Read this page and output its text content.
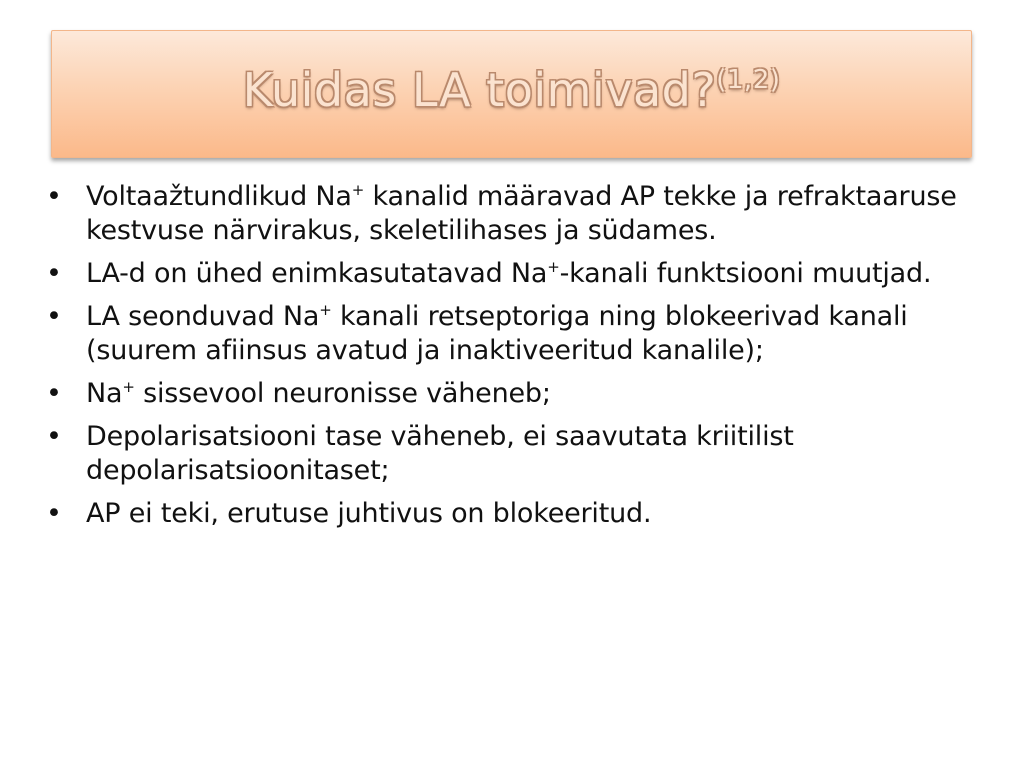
Kuidas LA toimivad?$^{(1,2)}$
• Voltaažtundlikud Na+ kanalid määravad AP tekke ja refraktaaruse kestvuse närvirakus, skeletilihases ja südames.
• LA-d on ühed enimkasutatavad Na+-kanali funktsiooni muutjad.
• LA seonduvad Na+ kanali retseptoriga ning blokeerivad kanali (suurem afiinsus avatud ja inaktiveeritud kanalile);
• Na+ sissevool neuronisse väheneb;
• Depolarisatsiooni tase väheneb, ei saavutata kriitilist depolarisatsioonitaset;
• AP ei teki, erutuse juhtivus on blokeeritud.
